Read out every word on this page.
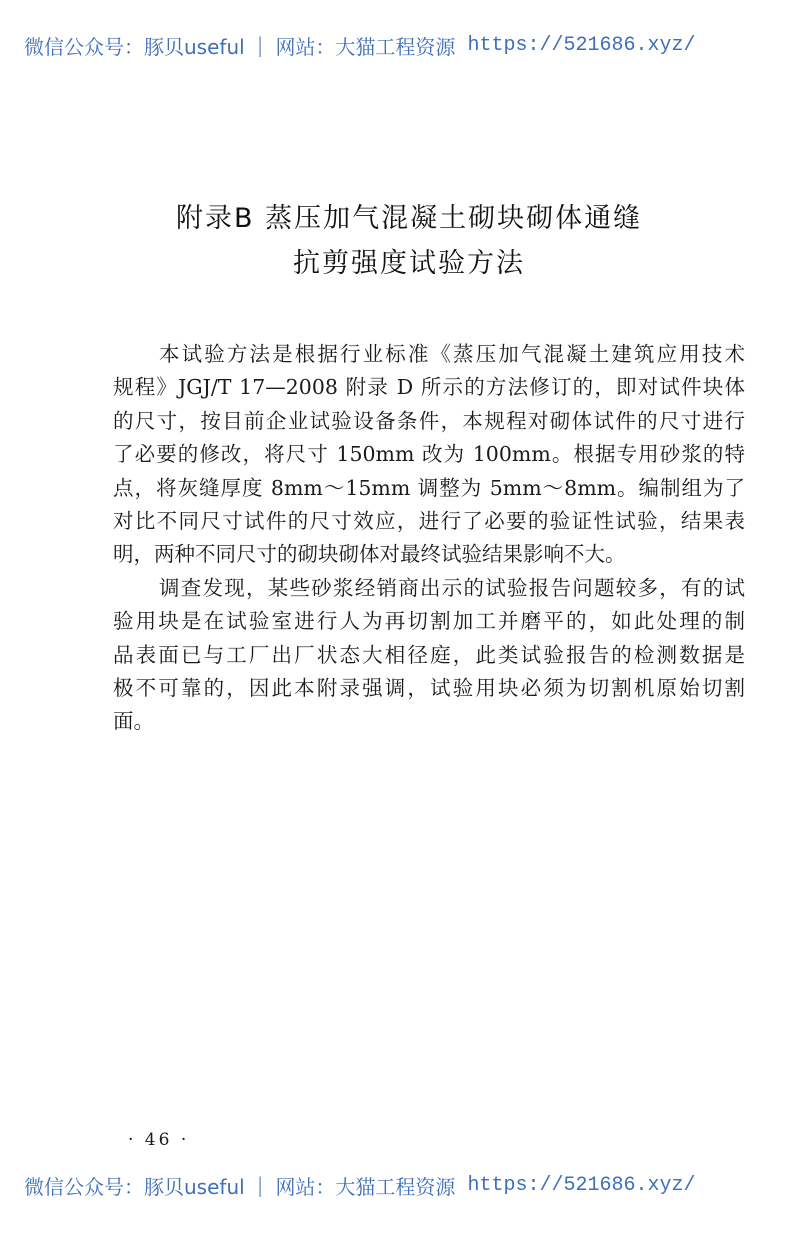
微信公众号：豚贝useful | 网站：大猫工程资源 https://521686.xyz/
附录B 蒸压加气混凝土砌块砌体通缝
抗剪强度试验方法
本试验方法是根据行业标准《蒸压加气混凝土建筑应用技术
规程》JGJ/T 17—2008 附录 D 所示的方法修订的，即对试件块体
的尺寸，按目前企业试验设备条件，本规程对砌体试件的尺寸进行
了必要的修改，将尺寸 150mm 改为 100mm。根据专用砂浆的特
点，将灰缝厚度 8mm～15mm 调整为 5mm～8mm。编制组为了
对比不同尺寸试件的尺寸效应，进行了必要的验证性试验，结果表
明，两种不同尺寸的砌块砌体对最终试验结果影响不大。
调查发现，某些砂浆经销商出示的试验报告问题较多，有的试
验用块是在试验室进行人为再切割加工并磨平的，如此处理的制
品表面已与工厂出厂状态大相径庭，此类试验报告的检测数据是
极不可靠的，因此本附录强调，试验用块必须为切割机原始切割
面。
· 46 ·
微信公众号：豚贝useful | 网站：大猫工程资源 https://521686.xyz/
